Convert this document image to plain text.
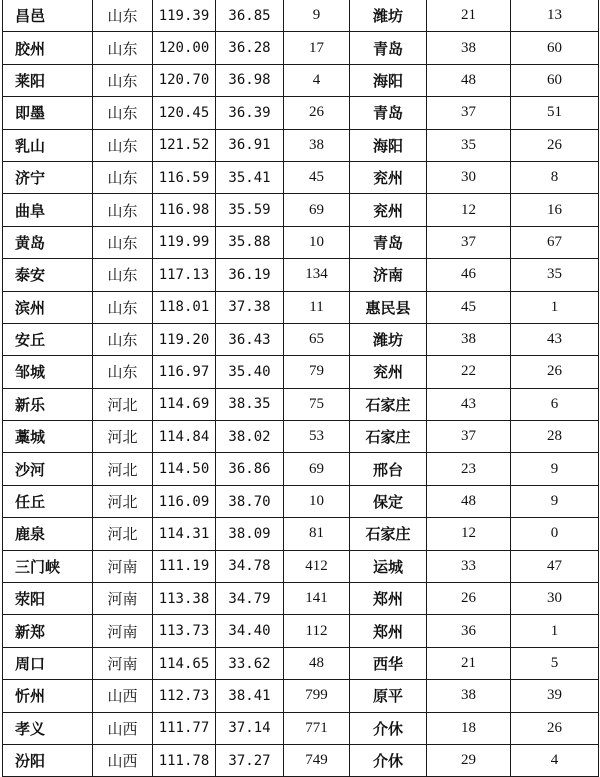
昌邑	山东	119.39	36.85	9	潍坊	21	13
胶州	山东	120.00	36.28	17	青岛	38	60
莱阳	山东	120.70	36.98	4	海阳	48	60
即墨	山东	120.45	36.39	26	青岛	37	51
乳山	山东	121.52	36.91	38	海阳	35	26
济宁	山东	116.59	35.41	45	兖州	30	8
曲阜	山东	116.98	35.59	69	兖州	12	16
黄岛	山东	119.99	35.88	10	青岛	37	67
泰安	山东	117.13	36.19	134	济南	46	35
滨州	山东	118.01	37.38	11	惠民县	45	1
安丘	山东	119.20	36.43	65	潍坊	38	43
邹城	山东	116.97	35.40	79	兖州	22	26
新乐	河北	114.69	38.35	75	石家庄	43	6
藁城	河北	114.84	38.02	53	石家庄	37	28
沙河	河北	114.50	36.86	69	邢台	23	9
任丘	河北	116.09	38.70	10	保定	48	9
鹿泉	河北	114.31	38.09	81	石家庄	12	0
三门峡	河南	111.19	34.78	412	运城	33	47
荥阳	河南	113.38	34.79	141	郑州	26	30
新郑	河南	113.73	34.40	112	郑州	36	1
周口	河南	114.65	33.62	48	西华	21	5
忻州	山西	112.73	38.41	799	原平	38	39
孝义	山西	111.77	37.14	771	介休	18	26
汾阳	山西	111.78	37.27	749	介休	29	4
